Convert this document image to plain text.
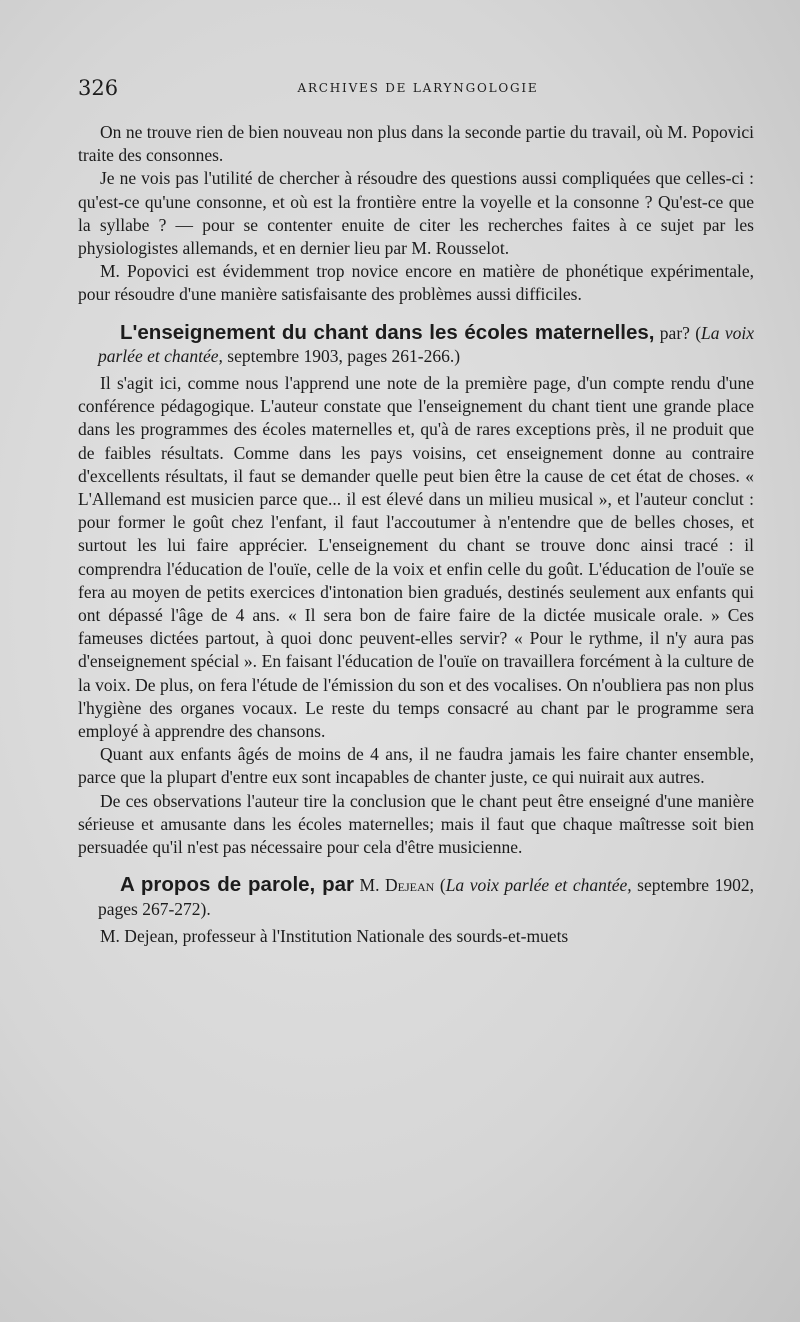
326	ARCHIVES DE LARYNGOLOGIE

On ne trouve rien de bien nouveau non plus dans la seconde partie du travail, où M. Popovici traite des consonnes.

Je ne vois pas l'utilité de chercher à résoudre des questions aussi compliquées que celles-ci : qu'est-ce qu'une consonne, et où est la frontière entre la voyelle et la consonne ? Qu'est-ce que la syllabe ? — pour se contenter enuite de citer les recherches faites à ce sujet par les physiologistes allemands, et en dernier lieu par M. Rousselot.

M. Popovici est évidemment trop novice encore en matière de phonétique expérimentale, pour résoudre d'une manière satisfaisante des problèmes aussi difficiles.

L'enseignement du chant dans les écoles maternelles, par? (La voix parlée et chantée, septembre 1903, pages 261-266.)

Il s'agit ici, comme nous l'apprend une note de la première page, d'un compte rendu d'une conférence pédagogique. L'auteur constate que l'enseignement du chant tient une grande place dans les programmes des écoles maternelles et, qu'à de rares exceptions près, il ne produit que de faibles résultats. Comme dans les pays voisins, cet enseignement donne au contraire d'excellents résultats, il faut se demander quelle peut bien être la cause de cet état de choses. « L'Allemand est musicien parce que... il est élevé dans un milieu musical », et l'auteur conclut : pour former le goût chez l'enfant, il faut l'accoutumer à n'entendre que de belles choses, et surtout les lui faire apprécier. L'enseignement du chant se trouve donc ainsi tracé : il comprendra l'éducation de l'ouïe, celle de la voix et enfin celle du goût. L'éducation de l'ouïe se fera au moyen de petits exercices d'intonation bien gradués, destinés seulement aux enfants qui ont dépassé l'âge de 4 ans. « Il sera bon de faire faire de la dictée musicale orale. » Ces fameuses dictées partout, à quoi donc peuvent-elles servir? « Pour le rythme, il n'y aura pas d'enseignement spécial ». En faisant l'éducation de l'ouïe on travaillera forcément à la culture de la voix. De plus, on fera l'étude de l'émission du son et des vocalises. On n'oubliera pas non plus l'hygiène des organes vocaux. Le reste du temps consacré au chant par le programme sera employé à apprendre des chansons.

Quant aux enfants âgés de moins de 4 ans, il ne faudra jamais les faire chanter ensemble, parce que la plupart d'entre eux sont incapables de chanter juste, ce qui nuirait aux autres.

De ces observations l'auteur tire la conclusion que le chant peut être enseigné d'une manière sérieuse et amusante dans les écoles maternelles; mais il faut que chaque maîtresse soit bien persuadée qu'il n'est pas nécessaire pour cela d'être musicienne.

A propos de parole, par M. Dejean (La voix parlée et chantée, septembre 1902, pages 267-272).

M. Dejean, professeur à l'Institution Nationale des sourds-et-muets
